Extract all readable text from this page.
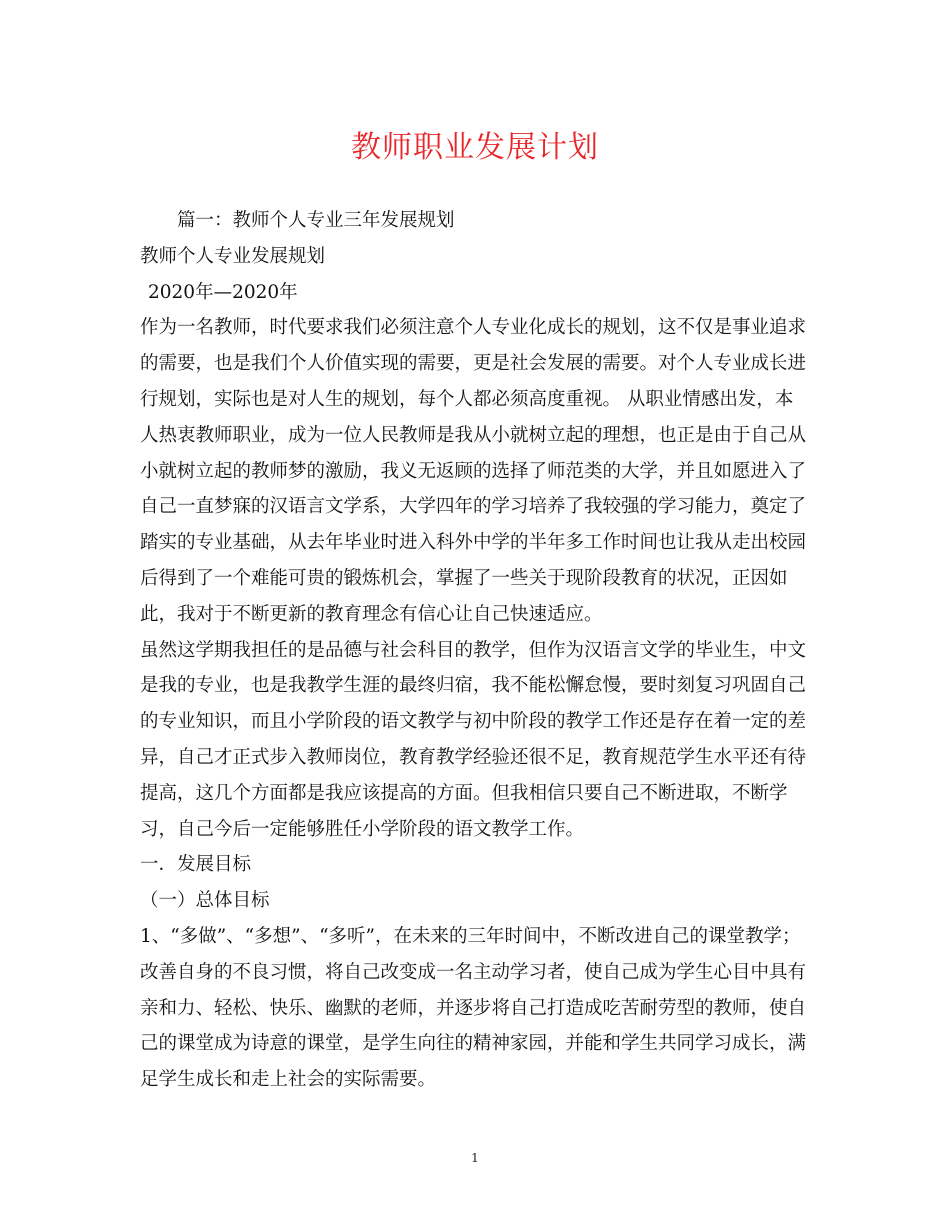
教师职业发展计划
篇一：教师个人专业三年发展规划
教师个人专业发展规划
2020年—2020年
作为一名教师，时代要求我们必须注意个人专业化成长的规划，这不仅是事业追求
的需要，也是我们个人价值实现的需要，更是社会发展的需要。对个人专业成长进
行规划，实际也是对人生的规划，每个人都必须高度重视。 从职业情感出发，本
人热衷教师职业，成为一位人民教师是我从小就树立起的理想，也正是由于自己从
小就树立起的教师梦的激励，我义无返顾的选择了师范类的大学，并且如愿进入了
自己一直梦寐的汉语言文学系，大学四年的学习培养了我较强的学习能力，奠定了
踏实的专业基础，从去年毕业时进入科外中学的半年多工作时间也让我从走出校园
后得到了一个难能可贵的锻炼机会，掌握了一些关于现阶段教育的状况，正因如
此，我对于不断更新的教育理念有信心让自己快速适应。
虽然这学期我担任的是品德与社会科目的教学，但作为汉语言文学的毕业生，中文
是我的专业，也是我教学生涯的最终归宿，我不能松懈怠慢，要时刻复习巩固自己
的专业知识，而且小学阶段的语文教学与初中阶段的教学工作还是存在着一定的差
异，自己才正式步入教师岗位，教育教学经验还很不足，教育规范学生水平还有待
提高，这几个方面都是我应该提高的方面。但我相信只要自己不断进取，不断学
习，自己今后一定能够胜任小学阶段的语文教学工作。
一．发展目标
（一）总体目标
1、“多做”、“多想”、“多听”，在未来的三年时间中，不断改进自己的课堂教学；
改善自身的不良习惯，将自己改变成一名主动学习者，使自己成为学生心目中具有
亲和力、轻松、快乐、幽默的老师，并逐步将自己打造成吃苦耐劳型的教师，使自
己的课堂成为诗意的课堂，是学生向往的精神家园，并能和学生共同学习成长，满
足学生成长和走上社会的实际需要。
1
